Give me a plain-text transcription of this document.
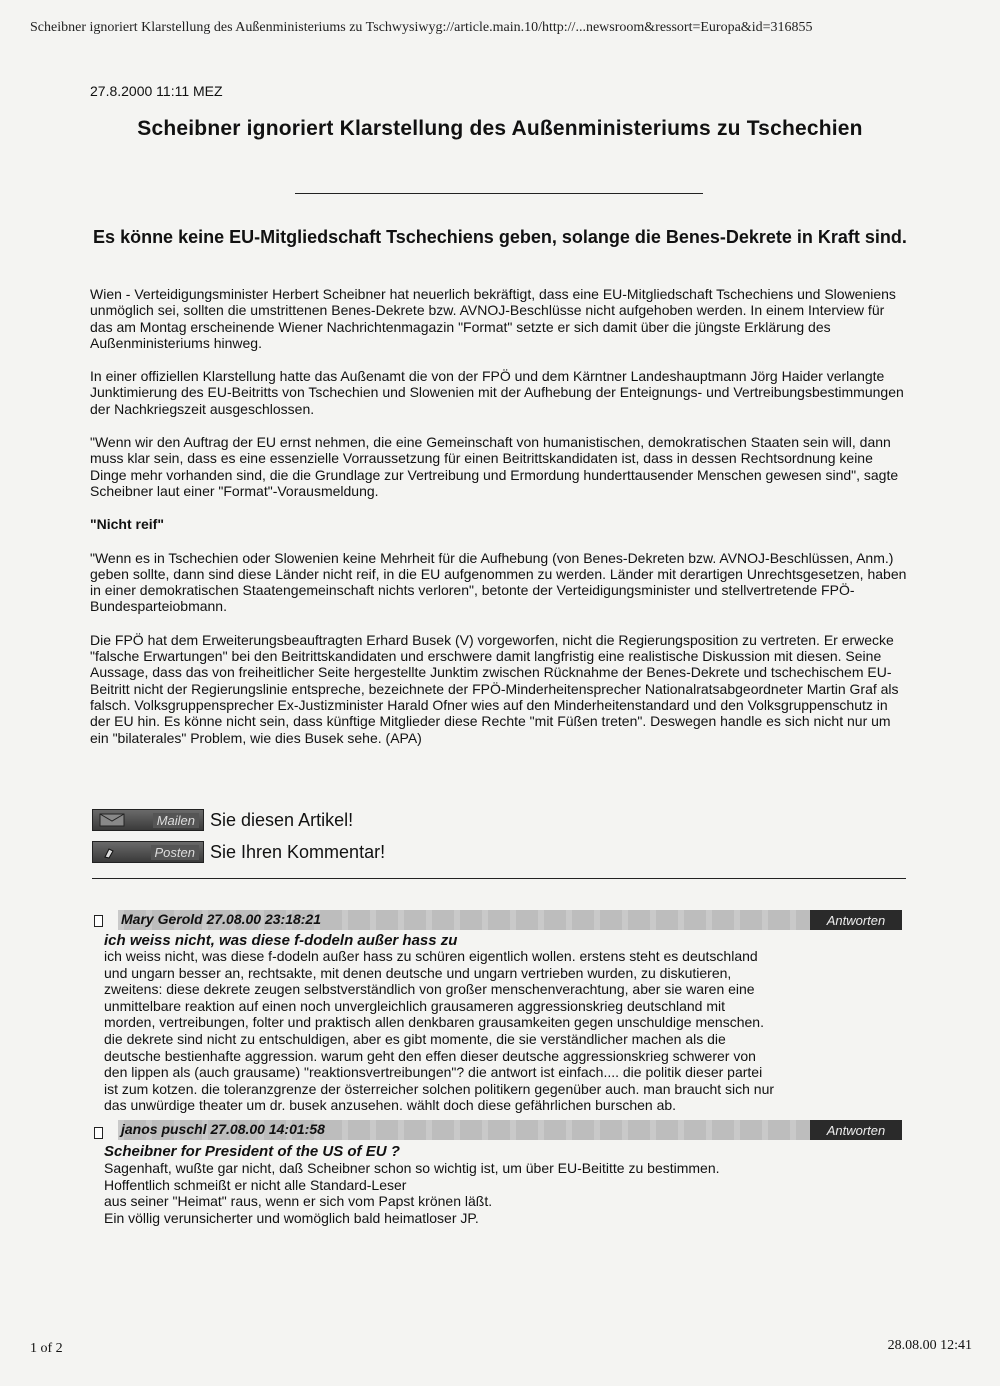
Scheibner ignoriert Klarstellung des Außenministeriums zu Tschwysiwyg://article.main.10/http://...newsroom&ressort=Europa&id=316855
27.8.2000 11:11 MEZ
Scheibner ignoriert Klarstellung des Außenministeriums zu Tschechien
Es könne keine EU-Mitgliedschaft Tschechiens geben, solange die Benes-Dekrete in Kraft sind.

Wien - Verteidigungsminister Herbert Scheibner hat neuerlich bekräftigt, dass eine EU-Mitgliedschaft Tschechiens und Sloweniens unmöglich sei, sollten die umstrittenen Benes-Dekrete bzw. AVNOJ-Beschlüsse nicht aufgehoben werden. In einem Interview für das am Montag erscheinende Wiener Nachrichtenmagazin "Format" setzte er sich damit über die jüngste Erklärung des Außenministeriums hinweg.

In einer offiziellen Klarstellung hatte das Außenamt die von der FPÖ und dem Kärntner Landeshauptmann Jörg Haider verlangte Junktimierung des EU-Beitritts von Tschechien und Slowenien mit der Aufhebung der Enteignungs- und Vertreibungsbestimmungen der Nachkriegszeit ausgeschlossen.

"Wenn wir den Auftrag der EU ernst nehmen, die eine Gemeinschaft von humanistischen, demokratischen Staaten sein will, dann muss klar sein, dass es eine essenzielle Vorraussetzung für einen Beitrittskandidaten ist, dass in dessen Rechtsordnung keine Dinge mehr vorhanden sind, die die Grundlage zur Vertreibung und Ermordung hunderttausender Menschen gewesen sind", sagte Scheibner laut einer "Format"-Vorausmeldung.

"Nicht reif"

"Wenn es in Tschechien oder Slowenien keine Mehrheit für die Aufhebung (von Benes-Dekreten bzw. AVNOJ-Beschlüssen, Anm.) geben sollte, dann sind diese Länder nicht reif, in die EU aufgenommen zu werden. Länder mit derartigen Unrechtsgesetzen, haben in einer demokratischen Staatengemeinschaft nichts verloren", betonte der Verteidigungsminister und stellvertretende FPÖ-Bundesparteiobmann.

Die FPÖ hat dem Erweiterungsbeauftragten Erhard Busek (V) vorgeworfen, nicht die Regierungsposition zu vertreten. Er erwecke "falsche Erwartungen" bei den Beitrittskandidaten und erschwere damit langfristig eine realistische Diskussion mit diesen. Seine Aussage, dass das von freiheitlicher Seite hergestellte Junktim zwischen Rücknahme der Benes-Dekrete und tschechischem EU-Beitritt nicht der Regierungslinie entspreche, bezeichnete der FPÖ-Minderheitensprecher Nationalratsabgeordneter Martin Graf als falsch. Volksgruppensprecher Ex-Justizminister Harald Ofner wies auf den Minderheitenstandard und den Volksgruppenschutz in der EU hin. Es könne nicht sein, dass künftige Mitglieder diese Rechte "mit Füßen treten". Deswegen handle es sich nicht nur um ein "bilaterales" Problem, wie dies Busek sehe. (APA)

Mailen Sie diesen Artikel!
Posten Sie Ihren Kommentar!
Mary Gerold 27.08.00 23:18:21	Antworten
ich weiss nicht, was diese f-dodeln außer hass zu
ich weiss nicht, was diese f-dodeln außer hass zu schüren eigentlich wollen. erstens steht es deutschland
und ungarn besser an, rechtsakte, mit denen deutsche und ungarn vertrieben wurden, zu diskutieren,
zweitens: diese dekrete zeugen selbstverständlich von großer menschenverachtung, aber sie waren eine
unmittelbare reaktion auf einen noch unvergleichlich grausameren aggressionskrieg deutschland mit
morden, vertreibungen, folter und praktisch allen denkbaren grausamkeiten gegen unschuldige menschen.
die dekrete sind nicht zu entschuldigen, aber es gibt momente, die sie verständlicher machen als die
deutsche bestienhafte aggression. warum geht den effen dieser deutsche aggressionskrieg schwerer von
den lippen als (auch grausame) "reaktionsvertreibungen"? die antwort ist einfach.... die politik dieser partei
ist zum kotzen. die toleranzgrenze der österreicher solchen politikern gegenüber auch. man braucht sich nur
das unwürdige theater um dr. busek anzusehen. wählt doch diese gefährlichen burschen ab.
janos puschl 27.08.00 14:01:58	Antworten
Scheibner for President of the US of EU ?
Sagenhaft, wußte gar nicht, daß Scheibner schon so wichtig ist, um über EU-Beititte zu bestimmen.
Hoffentlich schmeißt er nicht alle Standard-Leser
aus seiner "Heimat" raus, wenn er sich vom Papst krönen läßt.
Ein völlig verunsicherter und womöglich bald heimatloser JP.
1 of 2	28.08.00 12:41
